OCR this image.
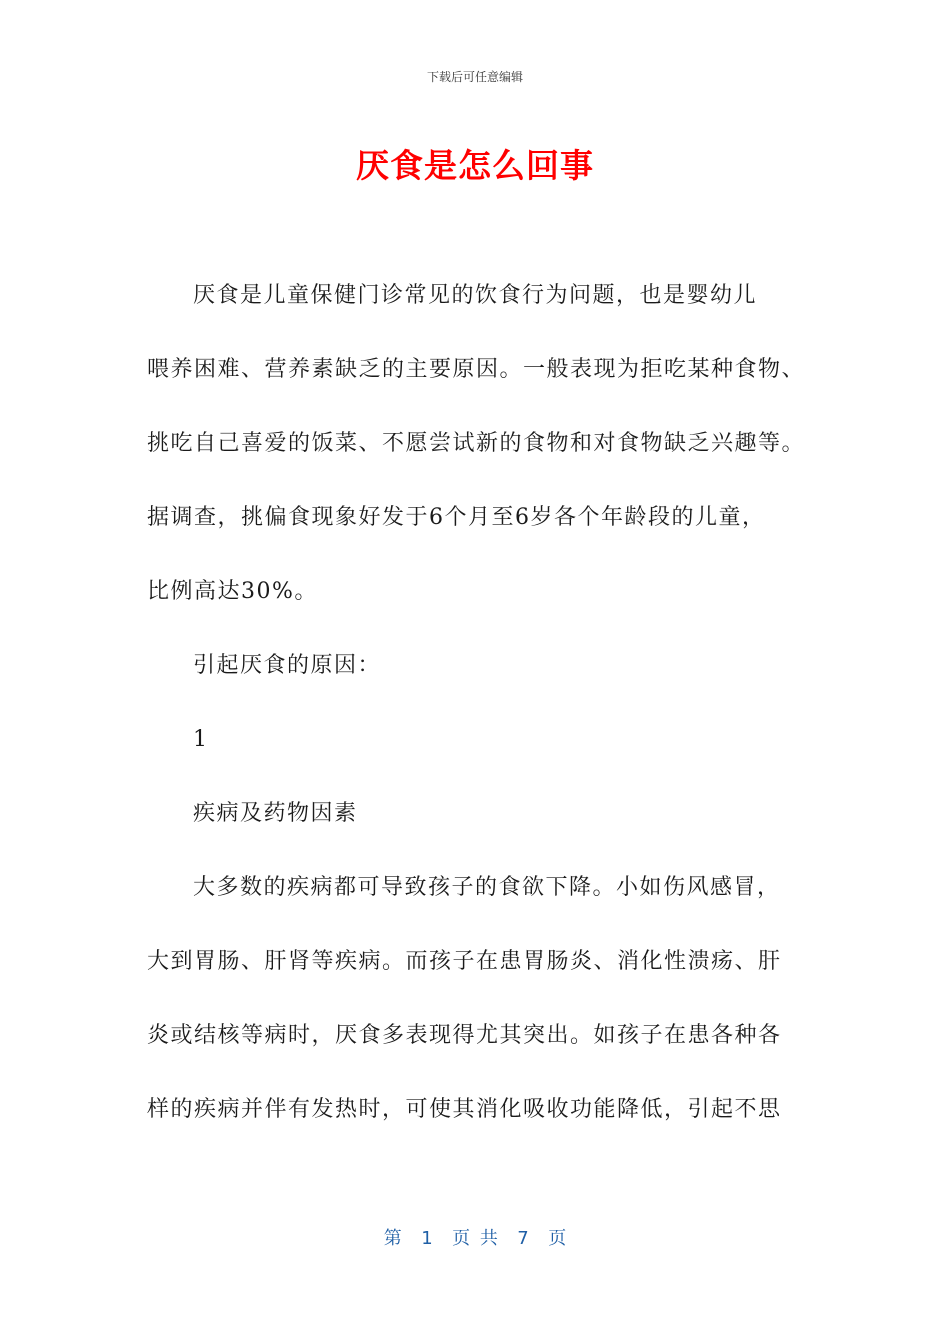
下载后可任意编辑
厌食是怎么回事
厌食是儿童保健门诊常见的饮食行为问题，也是婴幼儿
喂养困难、营养素缺乏的主要原因。一般表现为拒吃某种食物、
挑吃自己喜爱的饭菜、不愿尝试新的食物和对食物缺乏兴趣等。
据调查，挑偏食现象好发于6个月至6岁各个年龄段的儿童，
比例高达30%。
引起厌食的原因：
1
疾病及药物因素
大多数的疾病都可导致孩子的食欲下降。小如伤风感冒，
大到胃肠、肝肾等疾病。而孩子在患胃肠炎、消化性溃疡、肝
炎或结核等病时，厌食多表现得尤其突出。如孩子在患各种各
样的疾病并伴有发热时，可使其消化吸收功能降低，引起不思
第  1  页 共  7  页
